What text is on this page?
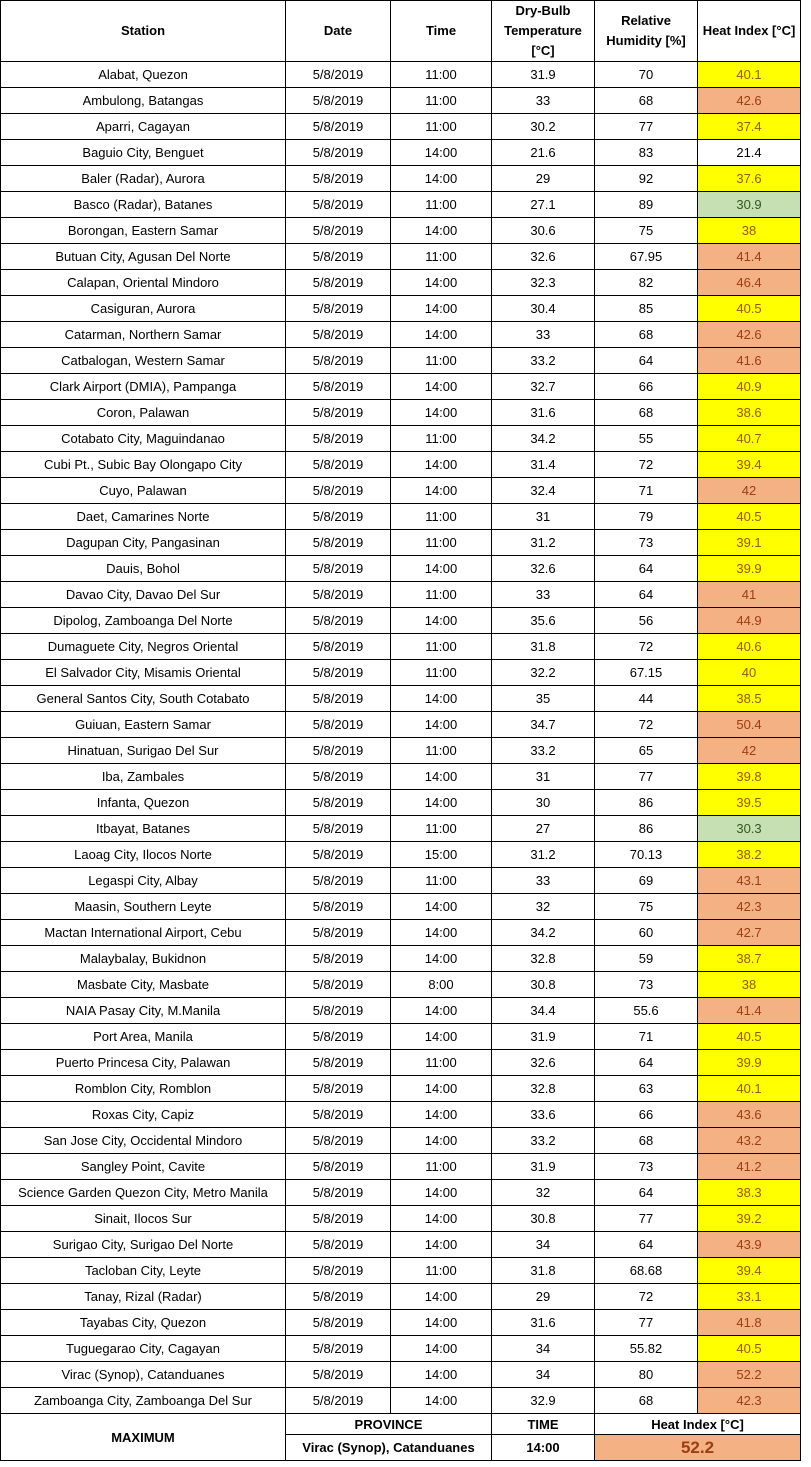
Station	Date	Time	Dry-Bulb Temperature [°C]	Relative Humidity [%]	Heat Index [°C]
Alabat, Quezon	5/8/2019	11:00	31.9	70	40.1
Ambulong, Batangas	5/8/2019	11:00	33	68	42.6
Aparri, Cagayan	5/8/2019	11:00	30.2	77	37.4
Baguio City, Benguet	5/8/2019	14:00	21.6	83	21.4
Baler (Radar), Aurora	5/8/2019	14:00	29	92	37.6
Basco (Radar), Batanes	5/8/2019	11:00	27.1	89	30.9
Borongan, Eastern Samar	5/8/2019	14:00	30.6	75	38
Butuan City, Agusan Del Norte	5/8/2019	11:00	32.6	67.95	41.4
Calapan, Oriental Mindoro	5/8/2019	14:00	32.3	82	46.4
Casiguran, Aurora	5/8/2019	14:00	30.4	85	40.5
Catarman, Northern Samar	5/8/2019	14:00	33	68	42.6
Catbalogan, Western Samar	5/8/2019	11:00	33.2	64	41.6
Clark Airport (DMIA), Pampanga	5/8/2019	14:00	32.7	66	40.9
Coron, Palawan	5/8/2019	14:00	31.6	68	38.6
Cotabato City, Maguindanao	5/8/2019	11:00	34.2	55	40.7
Cubi Pt., Subic Bay Olongapo City	5/8/2019	14:00	31.4	72	39.4
Cuyo, Palawan	5/8/2019	14:00	32.4	71	42
Daet, Camarines Norte	5/8/2019	11:00	31	79	40.5
Dagupan City, Pangasinan	5/8/2019	11:00	31.2	73	39.1
Dauis, Bohol	5/8/2019	14:00	32.6	64	39.9
Davao City, Davao Del Sur	5/8/2019	11:00	33	64	41
Dipolog, Zamboanga Del Norte	5/8/2019	14:00	35.6	56	44.9
Dumaguete City, Negros Oriental	5/8/2019	11:00	31.8	72	40.6
El Salvador City, Misamis Oriental	5/8/2019	11:00	32.2	67.15	40
General Santos City, South Cotabato	5/8/2019	14:00	35	44	38.5
Guiuan, Eastern Samar	5/8/2019	14:00	34.7	72	50.4
Hinatuan, Surigao Del Sur	5/8/2019	11:00	33.2	65	42
Iba, Zambales	5/8/2019	14:00	31	77	39.8
Infanta, Quezon	5/8/2019	14:00	30	86	39.5
Itbayat, Batanes	5/8/2019	11:00	27	86	30.3
Laoag City, Ilocos Norte	5/8/2019	15:00	31.2	70.13	38.2
Legaspi City, Albay	5/8/2019	11:00	33	69	43.1
Maasin, Southern Leyte	5/8/2019	14:00	32	75	42.3
Mactan International Airport, Cebu	5/8/2019	14:00	34.2	60	42.7
Malaybalay, Bukidnon	5/8/2019	14:00	32.8	59	38.7
Masbate City, Masbate	5/8/2019	8:00	30.8	73	38
NAIA Pasay City, M.Manila	5/8/2019	14:00	34.4	55.6	41.4
Port Area, Manila	5/8/2019	14:00	31.9	71	40.5
Puerto Princesa City, Palawan	5/8/2019	11:00	32.6	64	39.9
Romblon City, Romblon	5/8/2019	14:00	32.8	63	40.1
Roxas City, Capiz	5/8/2019	14:00	33.6	66	43.6
San Jose City, Occidental Mindoro	5/8/2019	14:00	33.2	68	43.2
Sangley Point, Cavite	5/8/2019	11:00	31.9	73	41.2
Science Garden Quezon City, Metro Manila	5/8/2019	14:00	32	64	38.3
Sinait, Ilocos Sur	5/8/2019	14:00	30.8	77	39.2
Surigao City, Surigao Del Norte	5/8/2019	14:00	34	64	43.9
Tacloban City, Leyte	5/8/2019	11:00	31.8	68.68	39.4
Tanay, Rizal (Radar)	5/8/2019	14:00	29	72	33.1
Tayabas City, Quezon	5/8/2019	14:00	31.6	77	41.8
Tuguegarao City, Cagayan	5/8/2019	14:00	34	55.82	40.5
Virac (Synop), Catanduanes	5/8/2019	14:00	34	80	52.2
Zamboanga City, Zamboanga Del Sur	5/8/2019	14:00	32.9	68	42.3
MAXIMUM	PROVINCE		TIME	Heat Index [°C]	
	Virac (Synop), Catanduanes		14:00	52.2	
